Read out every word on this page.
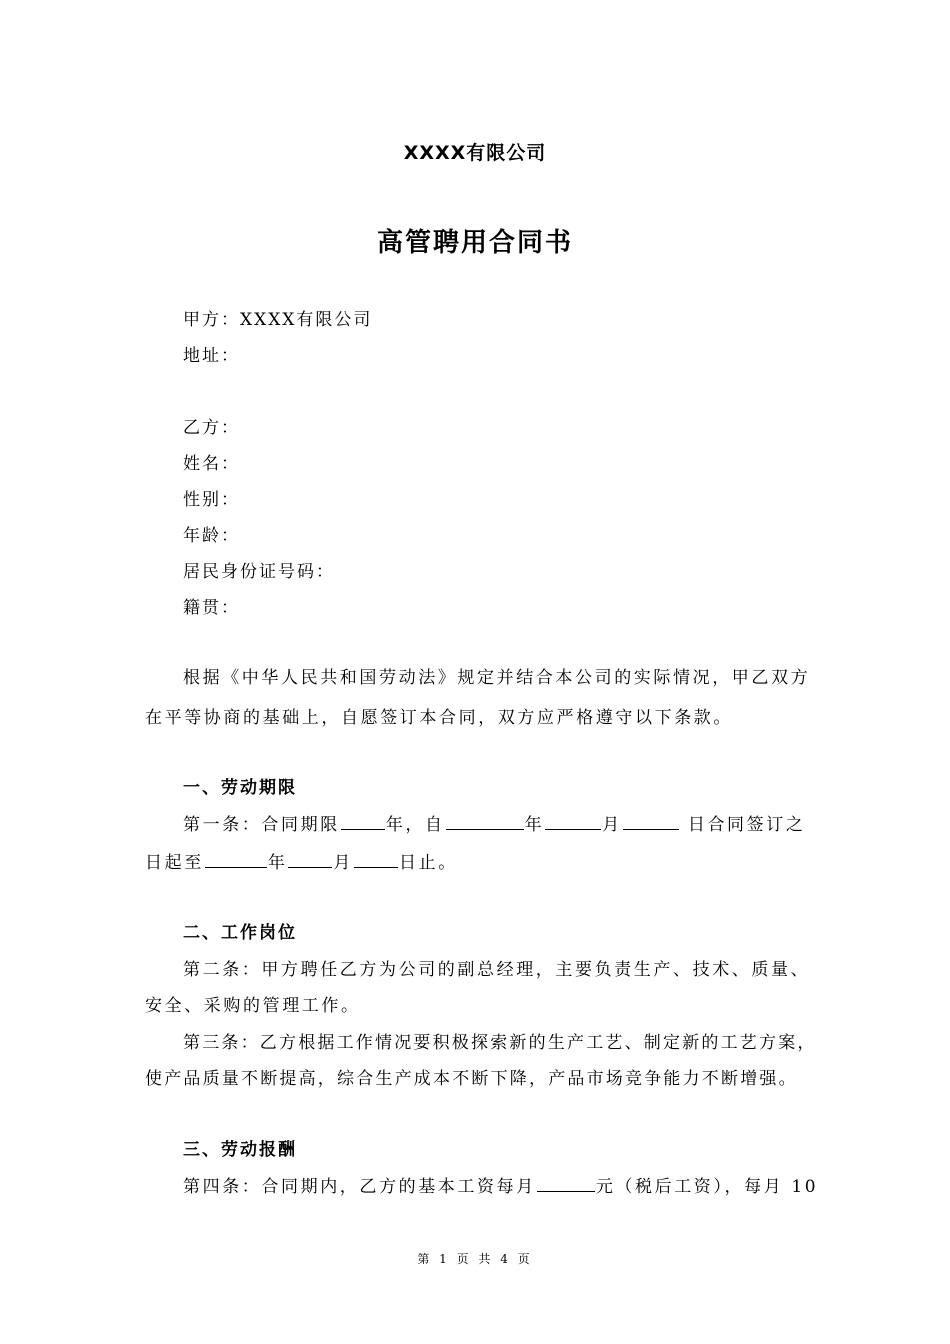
XXXX有限公司
高管聘用合同书
甲方：XXXX有限公司
地址：
乙方：
姓名：
性别：
年龄：
居民身份证号码：
籍贯：
根据《中华人民共和国劳动法》规定并结合本公司的实际情况，甲乙双方
在平等协商的基础上，自愿签订本合同，双方应严格遵守以下条款。
一、劳动期限
第一条：合同期限	年，自	年	月	日合同签订之
日起至	年	月	日止。
二、工作岗位
第二条：甲方聘任乙方为公司的副总经理，主要负责生产、技术、质量、
安全、采购的管理工作。
第三条：乙方根据工作情况要积极探索新的生产工艺、制定新的工艺方案，
使产品质量不断提高，综合生产成本不断下降，产品市场竞争能力不断增强。
三、劳动报酬
第四条：合同期内，乙方的基本工资每月	元（税后工资），每月 10
第 1 页 共 4 页
